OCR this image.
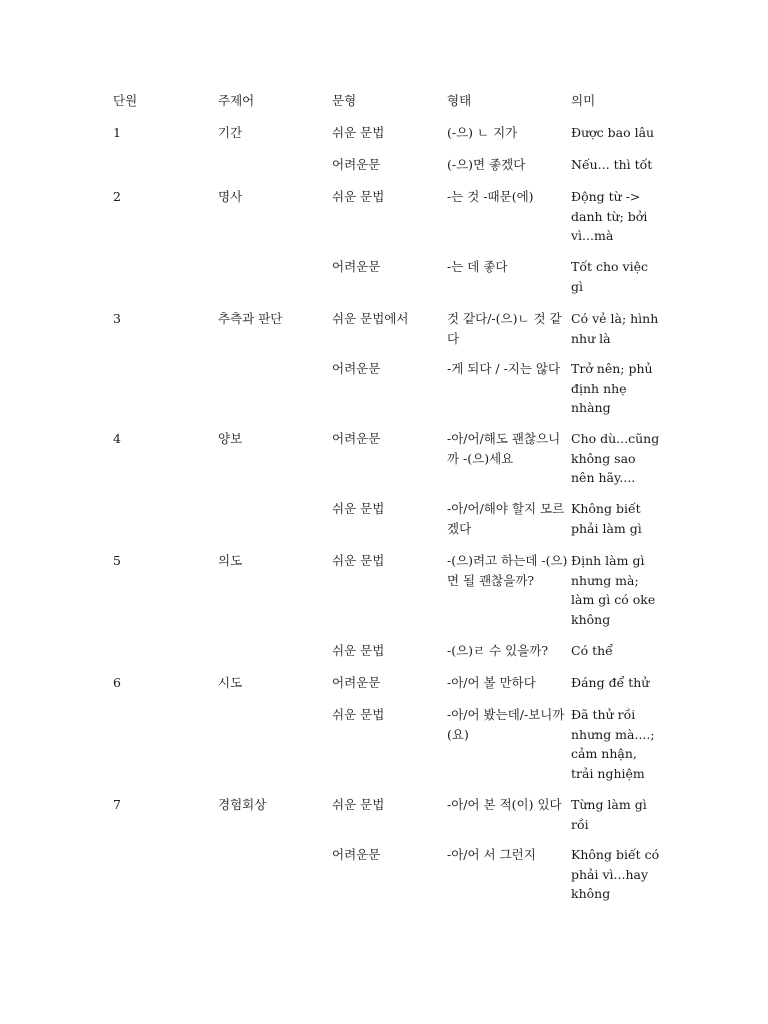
단원	주제어	문형	형태	의미
1	기간	쉬운 문법	(-으) ㄴ 지가	Được bao lâu
		어려운문	(-으)면 좋겠다	Nếu... thì tốt
2	명사	쉬운 문법	-는 것 -때문(에)	Động từ -> danh từ; bởi vì...mà
		어려운문	-는 데 좋다	Tốt cho việc gì
3	추측과 판단	쉬운 문법에서	것 같다/-(으)ㄴ 것 같다	Có vẻ là; hình như là
		어려운문	-게 되다 / -지는 않다	Trở nên; phủ định nhẹ nhàng
4	양보	어려운문	-아/어/해도 괜찮으니까 -(으)세요	Cho dù...cũng không sao nên hãy....
		쉬운 문법	-아/어/해야 할지 모르겠다	Không biết phải làm gì
5	의도	쉬운 문법	-(으)려고 하는데 -(으)면 될 괜찮을까?	Định làm gì nhưng mà; làm gì có oke không
		쉬운 문법	-(으)ㄹ 수 있을까?	Có thể
6	시도	어려운문	-아/어 볼 만하다	Đáng để thử
		쉬운 문법	-아/어 봤는데/-보니까 (요)	Đã thử rồi nhưng mà....; cảm nhận, trải nghiệm
7	경험회상	쉬운 문법	-아/어 본 적(이) 있다	Từng làm gì rồi
		어려운문	-아/어 서 그런지	Không biết có phải vì...hay không
